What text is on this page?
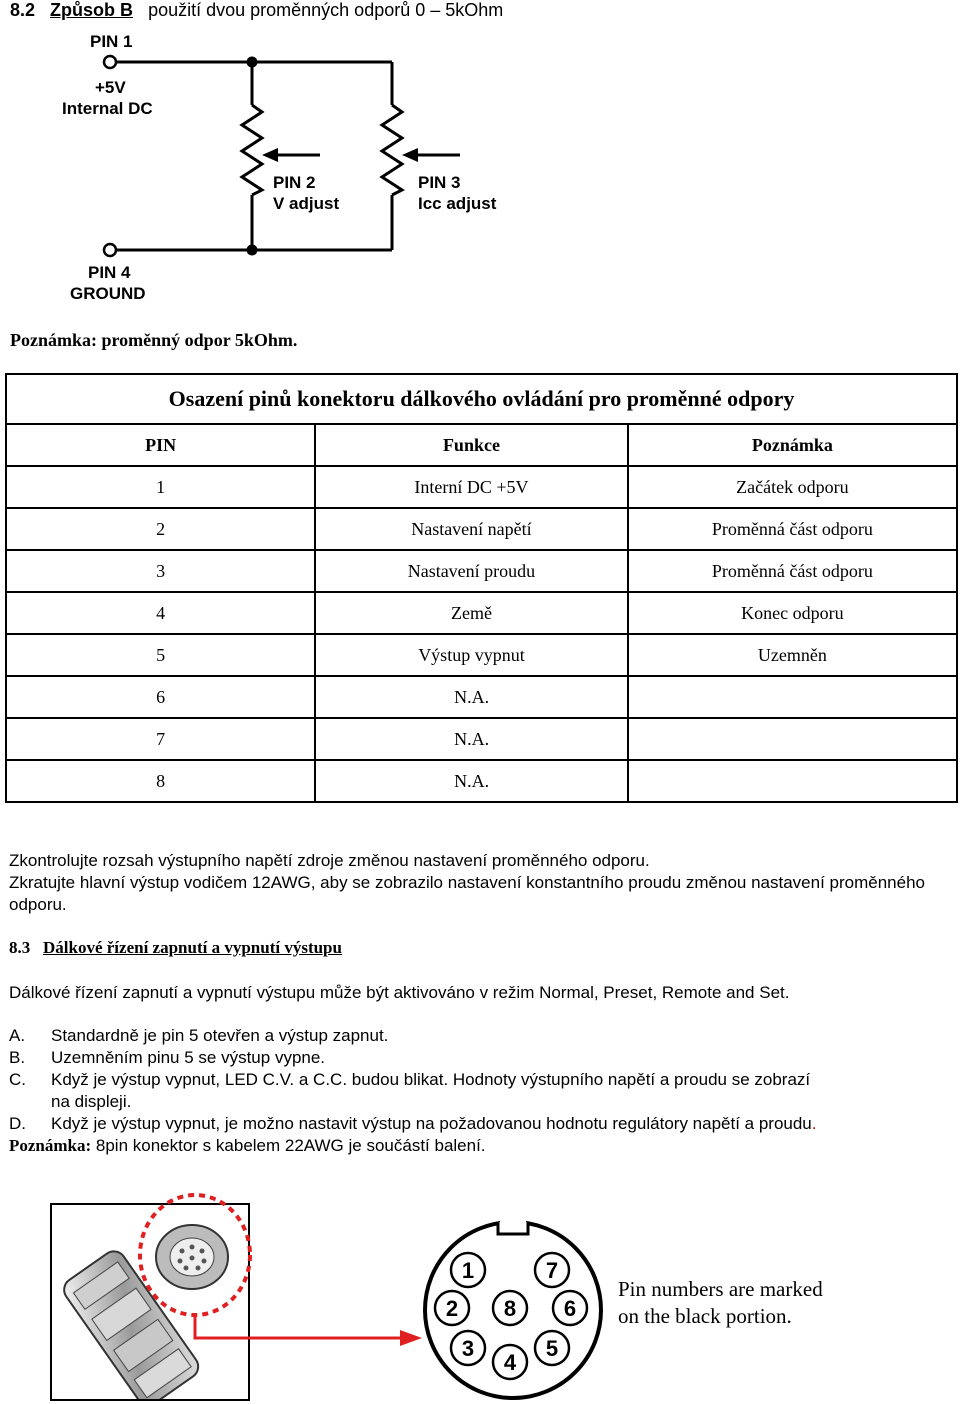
8.2 Způsob B použití dvou proměnných odporů 0 – 5kOhm
PIN 1
+5V
Internal DC
PIN 2
V adjust
PIN 3
Icc adjust
PIN 4
GROUND
Poznámka: proměnný odpor 5kOhm.
Osazení pinů konektoru dálkového ovládání pro proměnné odpory		
PIN	Funkce	Poznámka
1	Interní DC +5V	Začátek odporu
2	Nastavení napětí	Proměnná část odporu
3	Nastavení proudu	Proměnná část odporu
4	Země	Konec odporu
5	Výstup vypnut	Uzemněn
6	N.A.	
7	N.A.	
8	N.A.	
Zkontrolujte rozsah výstupního napětí zdroje změnou nastavení proměnného odporu.
Zkratujte hlavní výstup vodičem 12AWG, aby se zobrazilo nastavení konstantního proudu změnou nastavení proměnného odporu.
8.3 Dálkové řízení zapnutí a vypnutí výstupu
Dálkové řízení zapnutí a vypnutí výstupu může být aktivováno v režim Normal, Preset, Remote and Set.
A. Standardně je pin 5 otevřen a výstup zapnut.
B. Uzemněním pinu 5 se výstup vypne.
C. Když je výstup vypnut, LED C.V. a C.C. budou blikat. Hodnoty výstupního napětí a proudu se zobrazí
na displeji.
D. Když je výstup vypnut, je možno nastavit výstup na požadovanou hodnotu regulátory napětí a proudu.
Poznámka: 8pin konektor s kabelem 22AWG je součástí balení.
1	7
2 8 6
3
4
5
Pin numbers are marked
on the black portion.
